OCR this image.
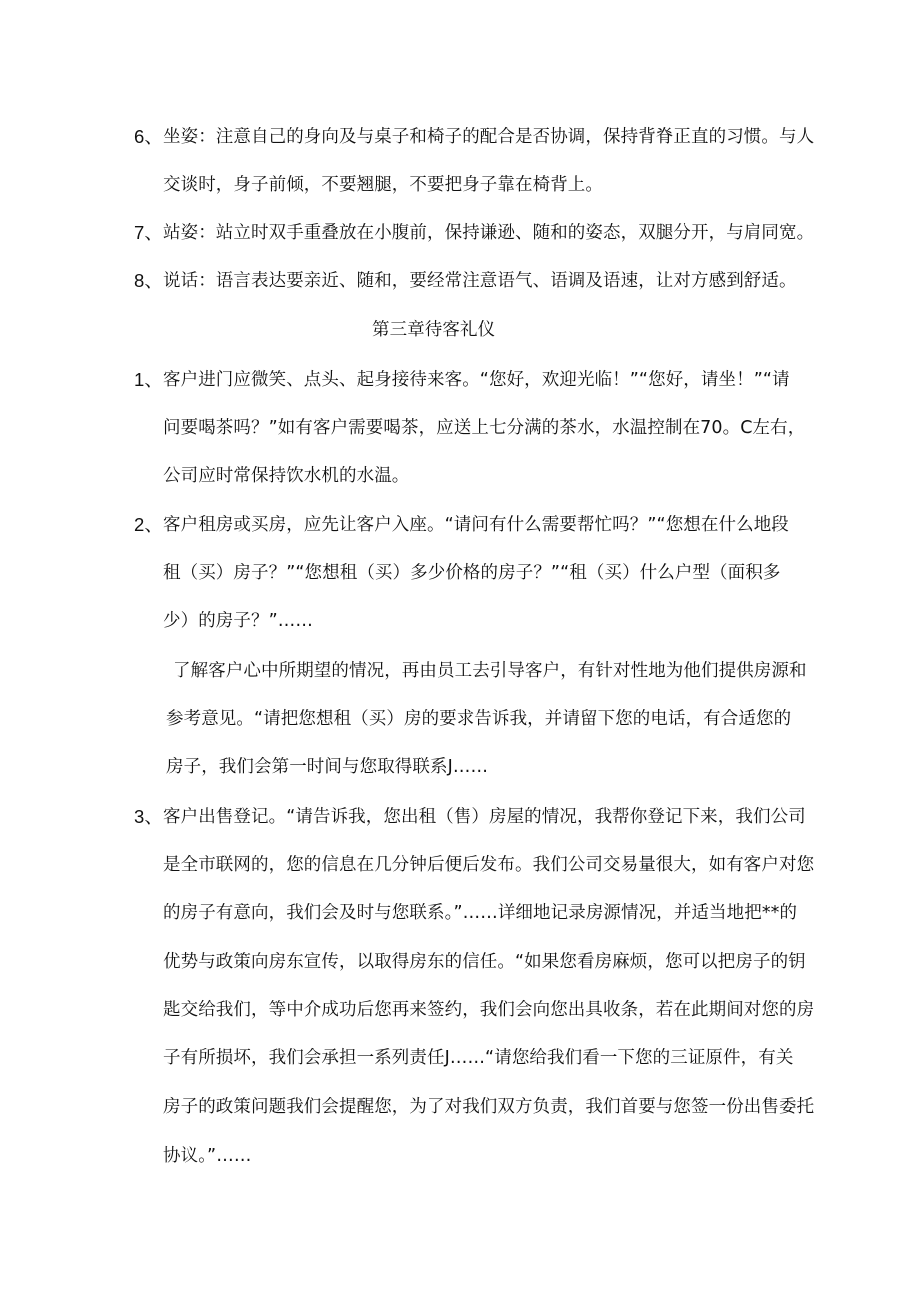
6、 坐姿：注意自己的身向及与桌子和椅子的配合是否协调，保持背脊正直的习惯。与人
交谈时，身子前倾，不要翘腿，不要把身子靠在椅背上。
7、 站姿：站立时双手重叠放在小腹前，保持谦逊、随和的姿态，双腿分开，与肩同宽。
8、 说话：语言表达要亲近、随和，要经常注意语气、语调及语速，让对方感到舒适。
第三章待客礼仪
1、 客户进门应微笑、点头、起身接待来客。“您好，欢迎光临！”“您好，请坐！”“请
问要喝茶吗？”如有客户需要喝茶，应送上七分满的茶水，水温控制在70。C左右，
公司应时常保持饮水机的水温。
2、 客户租房或买房，应先让客户入座。“请问有什么需要帮忙吗？”“您想在什么地段
租（买）房子？”“您想租（买）多少价格的房子？”“租（买）什么户型（面积多
少）的房子？”……
了解客户心中所期望的情况，再由员工去引导客户，有针对性地为他们提供房源和
参考意见。“请把您想租（买）房的要求告诉我，并请留下您的电话，有合适您的
房子，我们会第一时间与您取得联系J……
3、 客户出售登记。“请告诉我，您出租（售）房屋的情况，我帮你登记下来，我们公司
是全市联网的，您的信息在几分钟后便后发布。我们公司交易量很大，如有客户对您
的房子有意向，我们会及时与您联系。”……详细地记录房源情况，并适当地把**的
优势与政策向房东宣传，以取得房东的信任。“如果您看房麻烦，您可以把房子的钥
匙交给我们，等中介成功后您再来签约，我们会向您出具收条，若在此期间对您的房
子有所损坏，我们会承担一系列责任J……“请您给我们看一下您的三证原件，有关
房子的政策问题我们会提醒您，为了对我们双方负责，我们首要与您签一份出售委托
协议。”……
